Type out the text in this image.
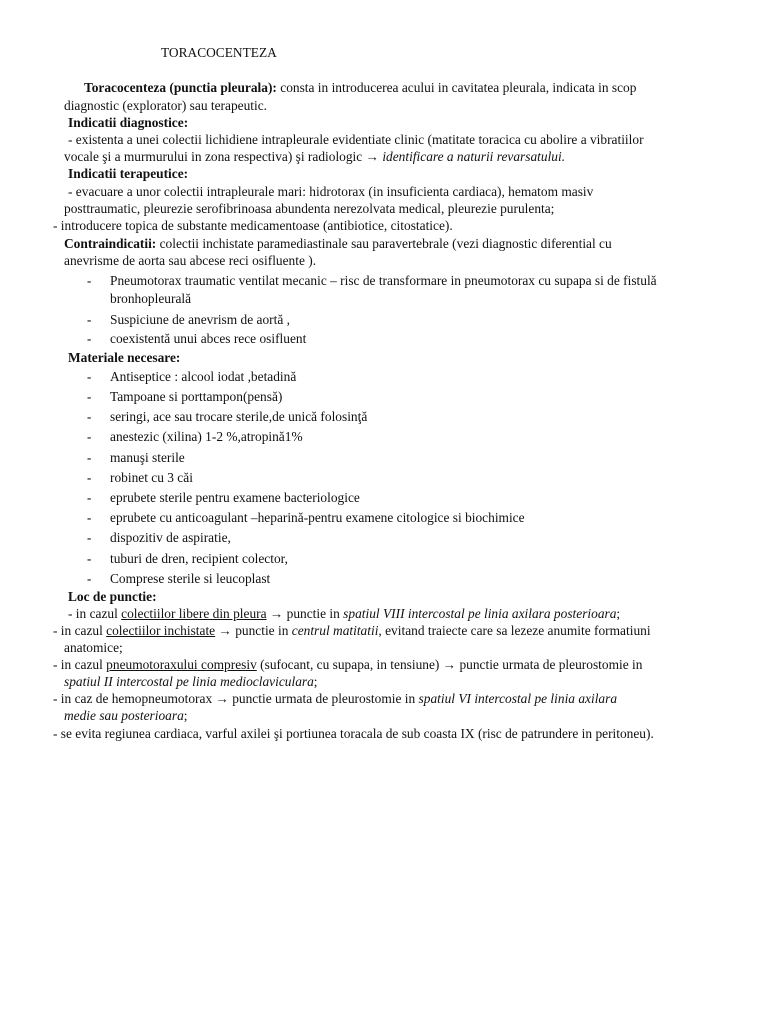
TORACOCENTEZA
Toracocenteza (punctia pleurala): consta in introducerea acului in cavitatea pleurala, indicata in scop
diagnostic (explorator) sau terapeutic.
Indicatii diagnostice:
- existenta a unei colectii lichidiene intrapleurale evidentiate clinic (matitate toracica cu abolire a vibratiilor
vocale şi a murmurului in zona respectiva) şi radiologic → identificare a naturii revarsatului.
Indicatii terapeutice:
- evacuare a unor colectii intrapleurale mari: hidrotorax (in insuficienta cardiaca), hematom masiv
posttraumatic, pleurezie serofibrinoasa abundenta nerezolvata medical, pleurezie purulenta;
- introducere topica de substante medicamentoase (antibiotice, citostatice).
Contraindicatii: colectii inchistate paramediastinale sau paravertebrale (vezi diagnostic diferential cu
anevrisme de aorta sau abcese reci osifluente ).
- Pneumotorax traumatic ventilat mecanic – risc de transformare in pneumotorax cu supapa si de fistulă
bronhopleurală
- Suspiciune de anevrism de aortă ,
- coexistentă unui abces rece osifluent
Materiale necesare:
- Antiseptice : alcool iodat ,betadină
- Tampoane si porttampon(pensă)
- seringi, ace sau trocare sterile,de unică folosinţă
- anestezic (xilina) 1-2 %,atropină1%
- manuşi sterile
- robinet cu 3 căi
- eprubete sterile pentru examene bacteriologice
- eprubete cu anticoagulant –heparină-pentru examene citologice si biochimice
- dispozitiv de aspiratie,
- tuburi de dren, recipient colector,
- Comprese sterile si leucoplast
Loc de punctie:
- in cazul colectiilor libere din pleura → punctie in spatiul VIII intercostal pe linia axilara posterioara;
- in cazul colectiilor inchistate → punctie in centrul matitatii, evitand traiecte care sa lezeze anumite formatiuni
anatomice;
- in cazul pneumotoraxului compresiv (sufocant, cu supapa, in tensiune) → punctie urmata de pleurostomie in
spatiul II intercostal pe linia medioclaviculara;
- in caz de hemopneumotorax → punctie urmata de pleurostomie in spatiul VI intercostal pe linia axilara
medie sau posterioara;
- se evita regiunea cardiaca, varful axilei şi portiunea toracala de sub coasta IX (risc de patrundere in peritoneu).
